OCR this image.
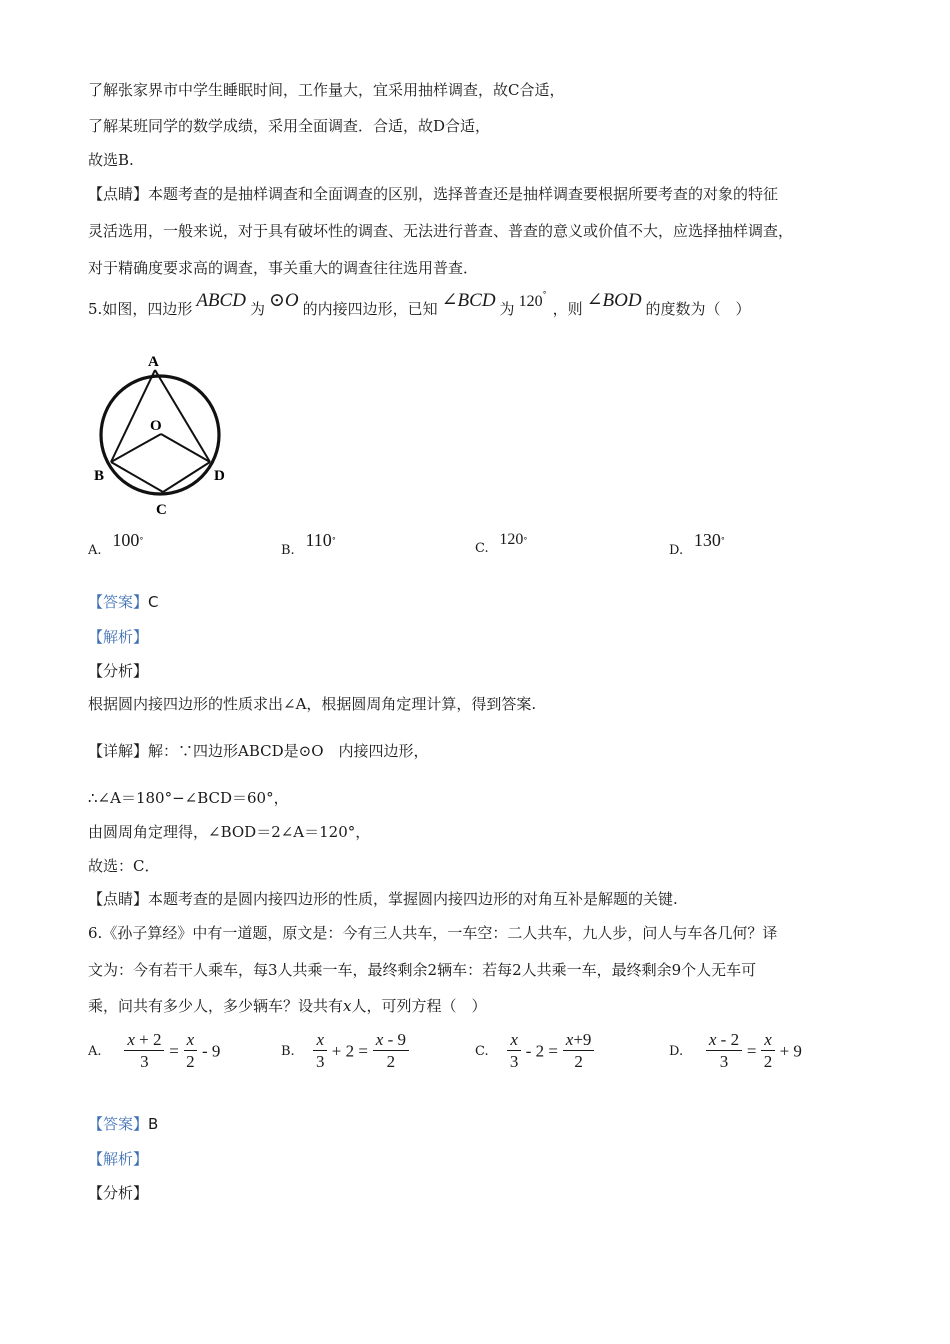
了解张家界市中学生睡眠时间，工作量大，宜采用抽样调查，故C合适，
了解某班同学的数学成绩，采用全面调查．合适，故D合适，
故选B.
【点睛】本题考查的是抽样调查和全面调查的区别，选择普查还是抽样调查要根据所要考查的对象的特征
灵活选用，一般来说，对于具有破坏性的调查、无法进行普查、普查的意义或价值不大，应选择抽样调查，
对于精确度要求高的调查，事关重大的调查往往选用普查．
5.如图，四边形 ABCD 为 ⊙O 的内接四边形，已知 ∠BCD 为 120°，则 ∠BOD 的度数为（　）
A
O
B	D
C
A. 100°
B. 110°
C. 120°
D. 130°
【答案】C
【解析】
【分析】
根据圆内接四边形的性质求出∠A，根据圆周角定理计算，得到答案.
【详解】解：∵四边形ABCD是⊙O　内接四边形，
∴∠A＝180°−∠BCD＝60°，
由圆周角定理得，∠BOD＝2∠A＝120°，
故选：C．
【点睛】本题考查的是圆内接四边形的性质，掌握圆内接四边形的对角互补是解题的关键.
6.《孙子算经》中有一道题，原文是：今有三人共车，一车空：二人共车，九人步，问人与车各几何？译
文为：今有若干人乘车，每3人共乘一车，最终剩余2辆车：若每2人共乘一车，最终剩余9个人无车可
乘，问共有多少人，多少辆车？设共有x人，可列方程（　）
A. $\frac{x + 2}{3} = \frac{x}{2} - 9$	B. $\frac{x}{3} + 2 = \frac{x - 9}{2}$	C. $\frac{x}{3} - 2 = \frac{x+9}{2}$	D. $\frac{x - 2}{3} = \frac{x}{2} + 9$
【答案】B
【解析】
【分析】
